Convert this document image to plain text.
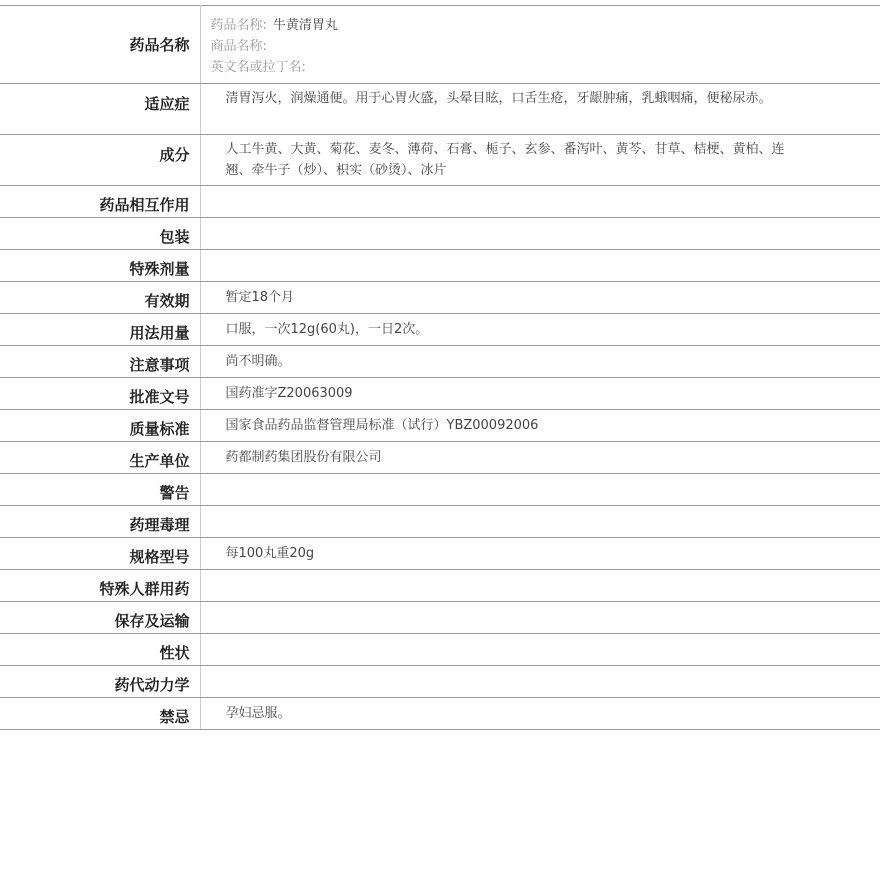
药品名称	药品名称: 牛黄清胃丸
商品名称:
英文名或拉丁名:

适应症	清胃泻火，润燥通便。用于心胃火盛，头晕目眩，口舌生疮，牙龈肿痛，乳蛾咽痛，便秘尿赤。
成分	人工牛黄、大黄、菊花、麦冬、薄荷、石膏、栀子、玄参、番泻叶、黄芩、甘草、桔梗、黄柏、连翘、牵牛子（炒）、枳实（砂烫）、冰片
药品相互作用	
包装	
特殊剂量	
有效期	暂定18个月
用法用量	口服，一次12g(60丸)，一日2次。
注意事项	尚不明确。
批准文号	国药准字Z20063009
质量标准	国家食品药品监督管理局标准（试行）YBZ00092006
生产单位	药都制药集团股份有限公司
警告	
药理毒理	
规格型号	每100丸重20g
特殊人群用药	
保存及运输	
性状	
药代动力学	
禁忌	孕妇忌服。
